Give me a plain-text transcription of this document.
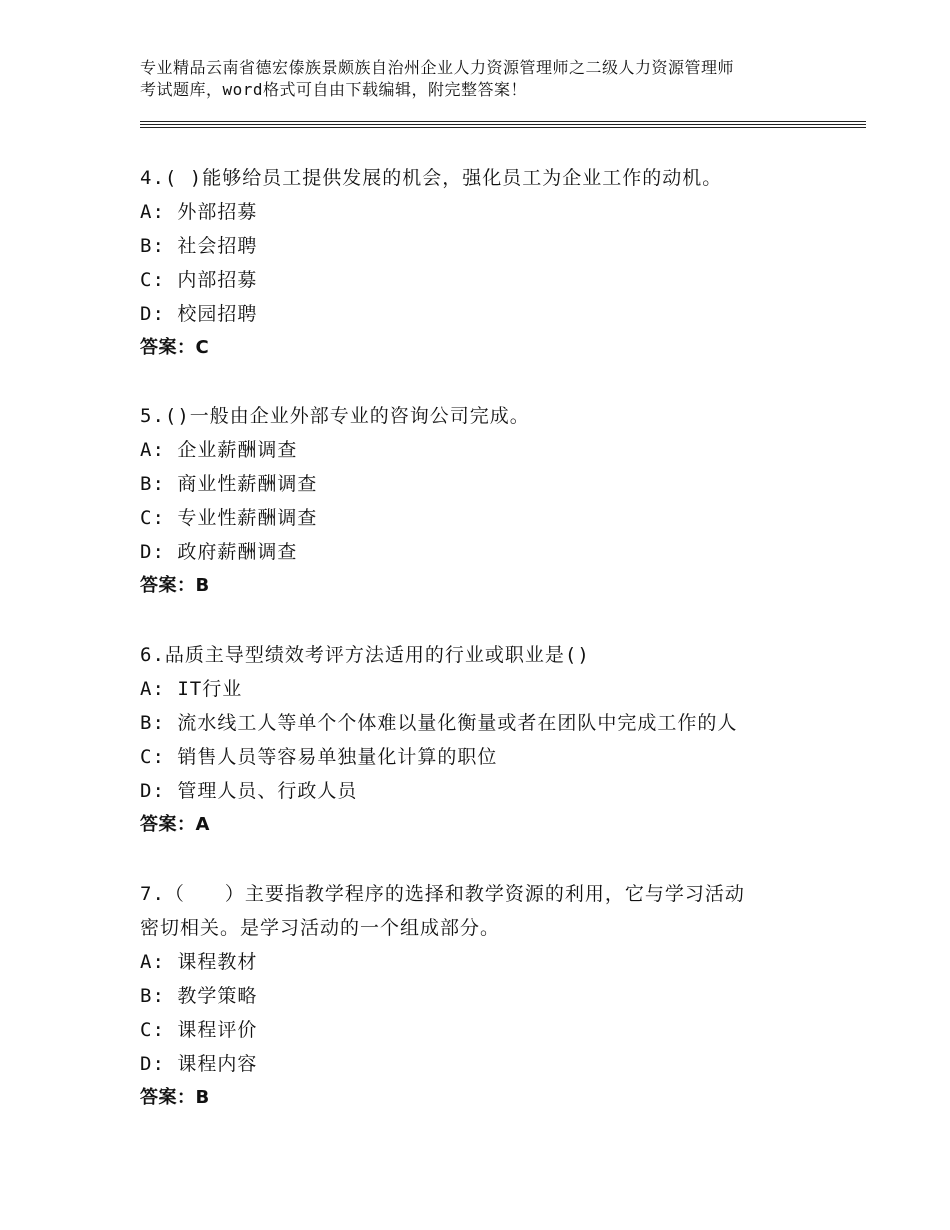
专业精品云南省德宏傣族景颇族自治州企业人力资源管理师之二级人力资源管理师
考试题库，word格式可自由下载编辑，附完整答案！

4.( )能够给员工提供发展的机会，强化员工为企业工作的动机。

A: 外部招募

B: 社会招聘

C: 内部招募

D: 校园招聘

答案：C

5.()一般由企业外部专业的咨询公司完成。

A: 企业薪酬调查

B: 商业性薪酬调查

C: 专业性薪酬调查

D: 政府薪酬调查

答案：B

6.品质主导型绩效考评方法适用的行业或职业是()

A: IT行业

B: 流水线工人等单个个体难以量化衡量或者在团队中完成工作的人

C: 销售人员等容易单独量化计算的职位

D: 管理人员、行政人员

答案：A

7.（　　）主要指教学程序的选择和教学资源的利用，它与学习活动

密切相关。是学习活动的一个组成部分。

A: 课程教材

B: 教学策略

C: 课程评价

D: 课程内容

答案：B
